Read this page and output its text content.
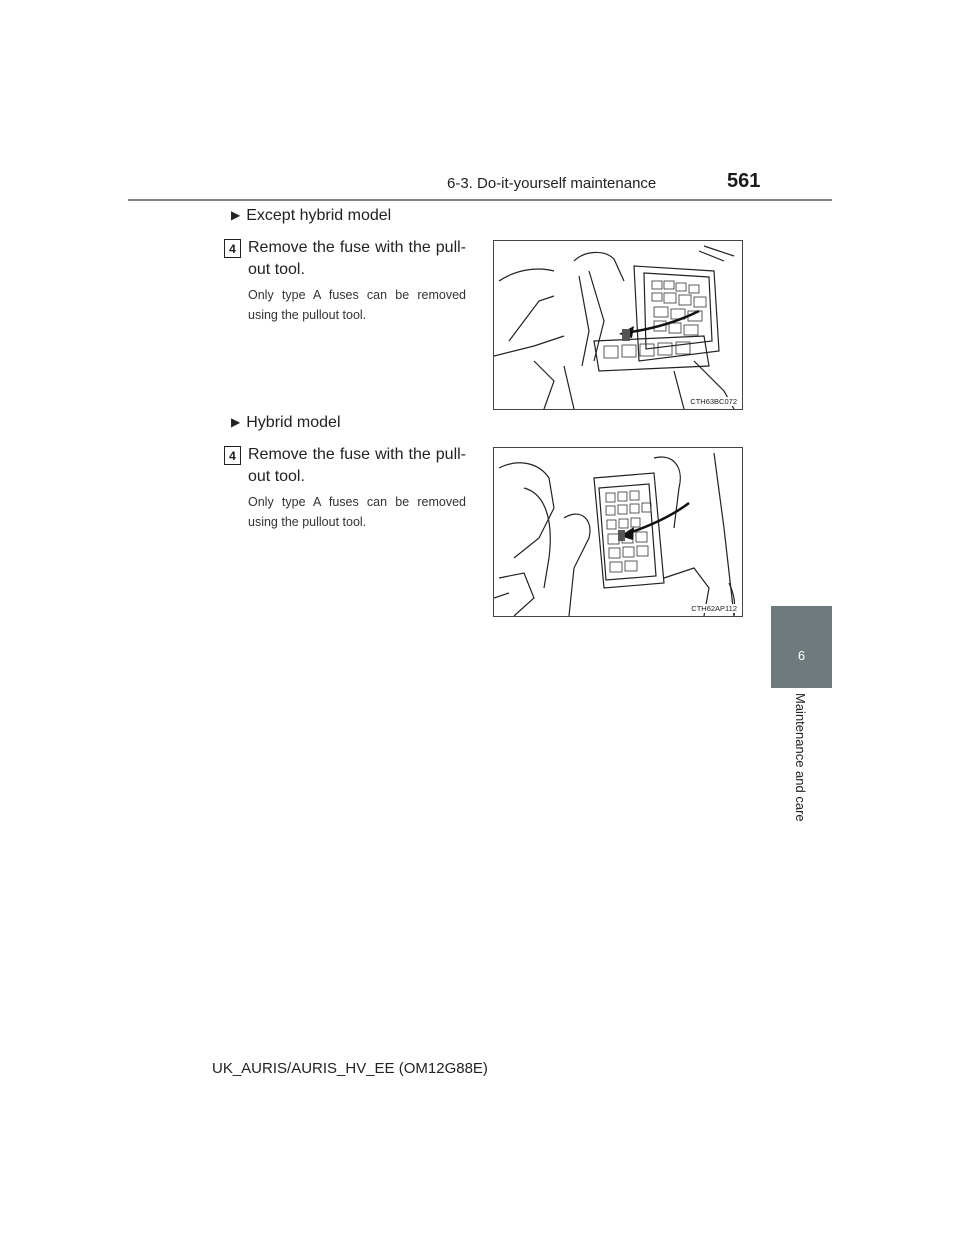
6-3. Do-it-yourself maintenance	561
6
Maintenance and care
▶ Except hybrid model
4 Remove the fuse with the pull-out tool.
Only type A fuses can be removed using the pullout tool.
CTH63BC072
▶ Hybrid model
4 Remove the fuse with the pull-out tool.
Only type A fuses can be removed using the pullout tool.
CTH62AP112
UK_AURIS/AURIS_HV_EE (OM12G88E)
